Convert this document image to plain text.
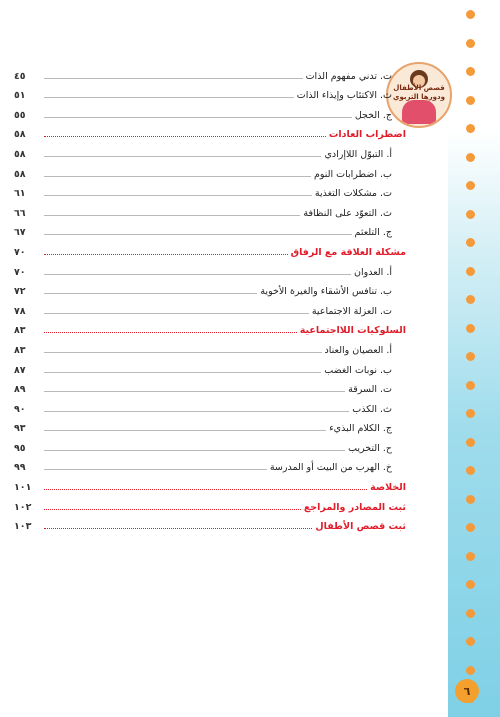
قصص الأطفال
ودورها التربوي
ت. تدني مفهوم الذات
٤٥
ث. الاكتئاب وإيذاء الذات
٥١
ج. الخجل
٥٥
اضطراب العادات
٥٨
أ. التبوّل اللاإرادي
٥٨
ب. اضطرابات النوم
٥٨
ت. مشكلات التغذية
٦١
ث. التعوّد على النظافة
٦٦
ج. التلعثم
٦٧
مشكلة العلاقة مع الرفاق
٧٠
أ. العدوان
٧٠
ب. تنافس الأشقاء والغيرة الأخوية
٧٢
ت. العزلة الاجتماعية
٧٨
السلوكيات اللااجتماعية
٨٣
أ. العصيان والعناد
٨٣
ب. نوبات الغضب
٨٧
ت. السرقة
٨٩
ث. الكذب
٩٠
ج. الكلام البذيء
٩٣
ح. التخريب
٩٥
خ. الهرب من البيت أو المدرسة
٩٩
الخلاصة
١٠١
ثبت المصادر والمراجع
١٠٢
ثبت قصص الأطفال
١٠٣
٦
